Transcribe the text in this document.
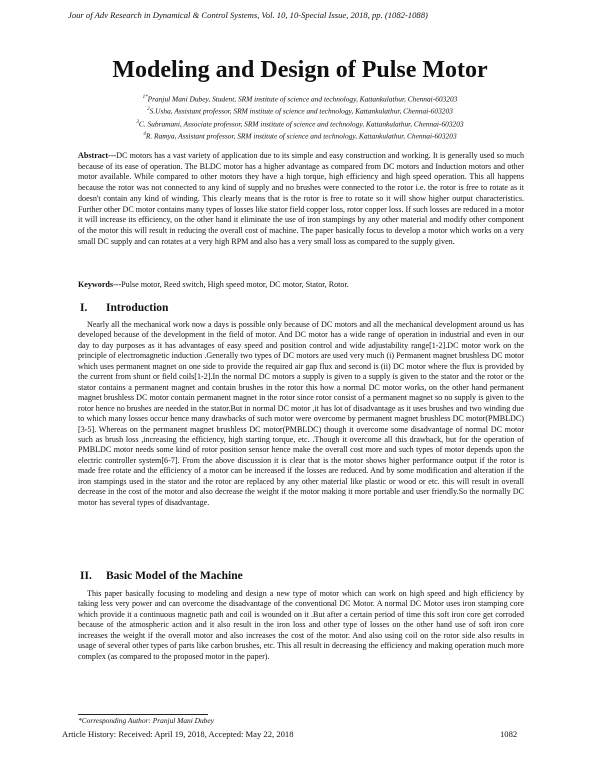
Jour of Adv Research in Dynamical & Control Systems, Vol. 10, 10-Special Issue, 2018, pp. (1082-1088)
Modeling and Design of Pulse Motor
$^{1*}$Pranjul Mani Dubey, Student, SRM institute of science and technology, Kattankulathur, Chennai-603203
$^2$S.Usha, Assistant professor, SRM institute of science and technology, Kattankulathur, Chennai-603203
$^3$C. Subramani, Associate professor, SRM institute of science and technology, Kattankulathur, Chennai-603203
$^4$R. Ramya, Assistant professor, SRM institute of science and technology, Kattankulathur, Chennai-603203
Abstract---DC motors has a vast variety of application due to its simple and easy construction and working. It is generally used so much because of its ease of operation. The BLDC motor has a higher advantage as compared from DC motors and Induction motors and other motor available. While compared to other motors they have a high torque, high efficiency and high speed operation. This all happens because the rotor was not connected to any kind of supply and no brushes were connected to the rotor i.e. the rotor is free to rotate as it doesn't contain any kind of winding. This clearly means that is the rotor is free to rotate so it will show higher output characteristics. Further other DC motor contains many types of losses like stator field copper loss, rotor copper loss. If such losses are reduced in a motor it will increase its efficiency, on the other hand it eliminate the use of iron stampings by any other material and modify other component of the motor this will result in reducing the overall cost of machine. The paper basically focus to develop a motor which works on a very small DC supply and can rotates at a very high RPM and also has a very small loss as compared to the supply given.
Keywords---Pulse motor, Reed switch, High speed motor, DC motor, Stator, Rotor.
I. Introduction
Nearly all the mechanical work now a days is possible only because of DC motors and all the mechanical development around us has developed because of the development in the field of motor. And DC motor has a wide range of operation in industrial and even in our day to day purposes as it has advantages of easy speed and position control and wide adjustability range[1-2].DC motor work on the principle of electromagnetic induction .Generally two types of DC motors are used very much (i) Permanent magnet brushless DC motor which uses permanent magnet on one side to provide the required air gap flux and second is (ii) DC motor where the flux is provided by the current from shunt or field coils[1-2].In the normal DC motors a supply is given to a supply is given to the stator and the rotor or the stator contains a permanent magnet and contain brushes in the rotor this how a normal DC motor works, on the other hand permanent magnet brushless DC motor contain permanent magnet in the rotor since rotor consist of a permanent magnet so no supply is given to the rotor hence no brushes are needed in the stator.But in normal DC motor ,it has lot of disadvantage as it uses brushes and two winding due to which many losses occur hence many drawbacks of such motor were overcome by permanent magnet brushless DC motor(PMBLDC) [3-5]. Whereas on the permanent magnet brushless DC motor(PMBLDC) though it overcome some disadvantage of normal DC motor such as brush loss ,increasing the efficiency, high starting torque, etc. .Though it overcome all this drawback, but for the operation of PMBLDC motor needs some kind of rotor position sensor hence make the overall cost more and such types of motor depends upon the electric controller system[6-7]. From the above discussion it is clear that is the motor shows higher performance output if the rotor is made free rotate and the efficiency of a motor can be increased if the losses are reduced. And by some modification and alteration if the iron stampings used in the stator and the rotor are replaced by any other material like plastic or wood or etc. this will result in overall decrease in the cost of the motor and also decrease the weight if the motor making it more portable and user friendly.So the normally DC motor has several types of disadvantage.
II. Basic Model of the Machine
This paper basically focusing to modeling and design a new type of motor which can work on high speed and high efficiency by taking less very power and can overcome the disadvantage of the conventional DC Motor. A normal DC Motor uses iron stamping core which provide it a continuous magnetic path and coil is wounded on it .But after a certain period of time this soft iron core get corroded because of the atmospheric action and it also result in the iron loss and other type of losses on the other hand use of soft iron core increases the weight if the overall motor and also increases the cost of the motor. And also using coil on the rotor side also results in usage of several other types of parts like carbon brushes, etc. This all result in decreasing the efficiency and making operation much more complex (as compared to the proposed motor in the paper).
*Corresponding Author: Pranjul Mani Dubey
Article History: Received: April 19, 2018, Accepted: May 22, 2018	1082
